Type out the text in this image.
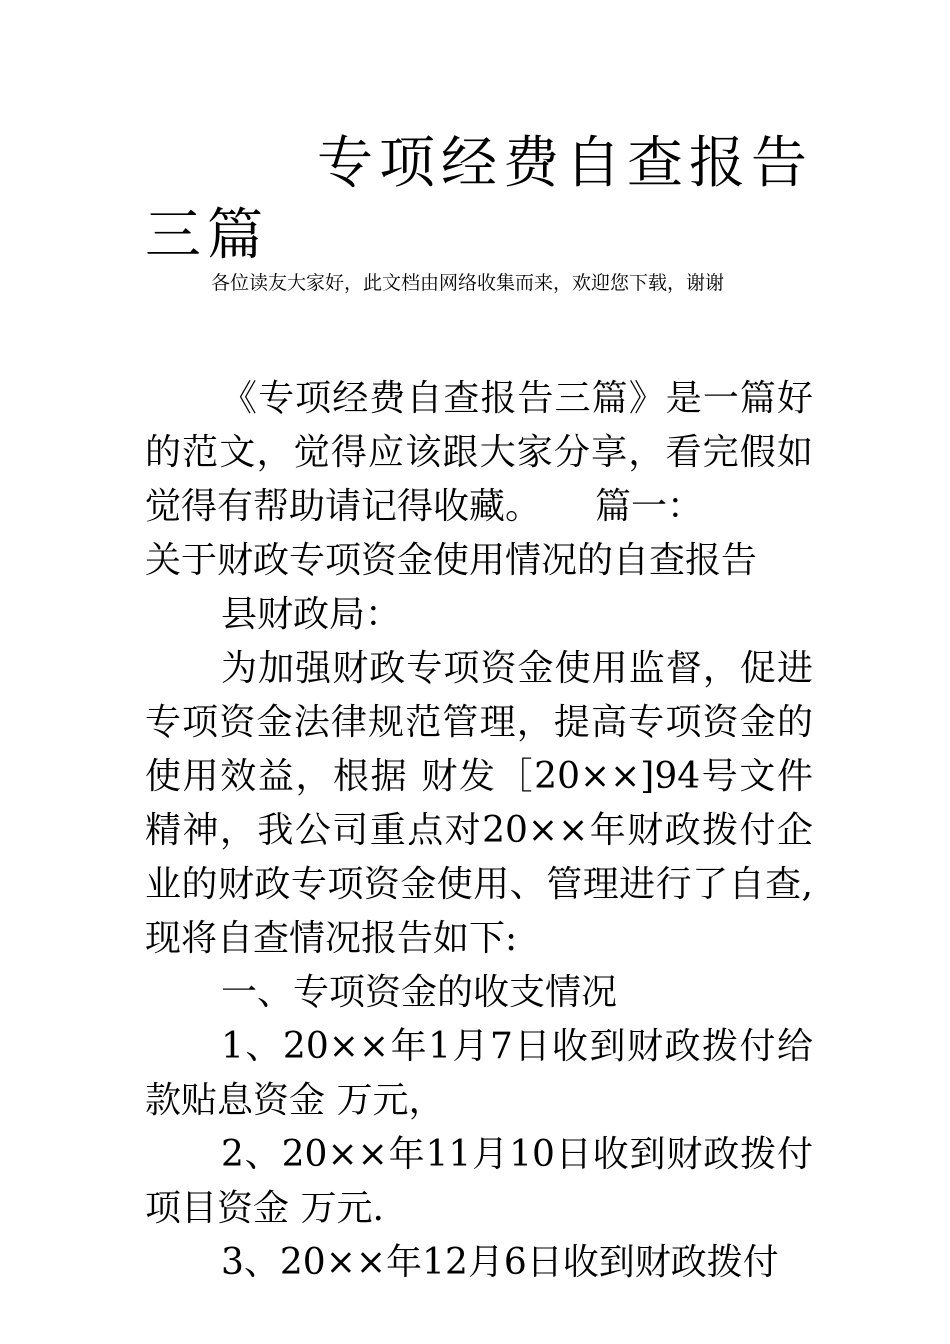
专项经费自查报告三篇

各位读友大家好，此文档由网络收集而来，欢迎您下载，谢谢

《专项经费自查报告三篇》是一篇好的范文，觉得应该跟大家分享，看完假如觉得有帮助请记得收藏。　　篇一：

关于财政专项资金使用情况的自查报告

县财政局：

为加强财政专项资金使用监督，促进专项资金法律规范管理，提高专项资金的使用效益，根据 财发［20××]94号文件精神，我公司重点对20××年财政拨付企业的财政专项资金使用、管理进行了自查,现将自查情况报告如下:

一、专项资金的收支情况

1、20××年1月7日收到财政拨付给款贴息资金 万元，

2、20××年11月10日收到财政拨付项目资金 万元.

3、20××年12月6日收到财政拨付
